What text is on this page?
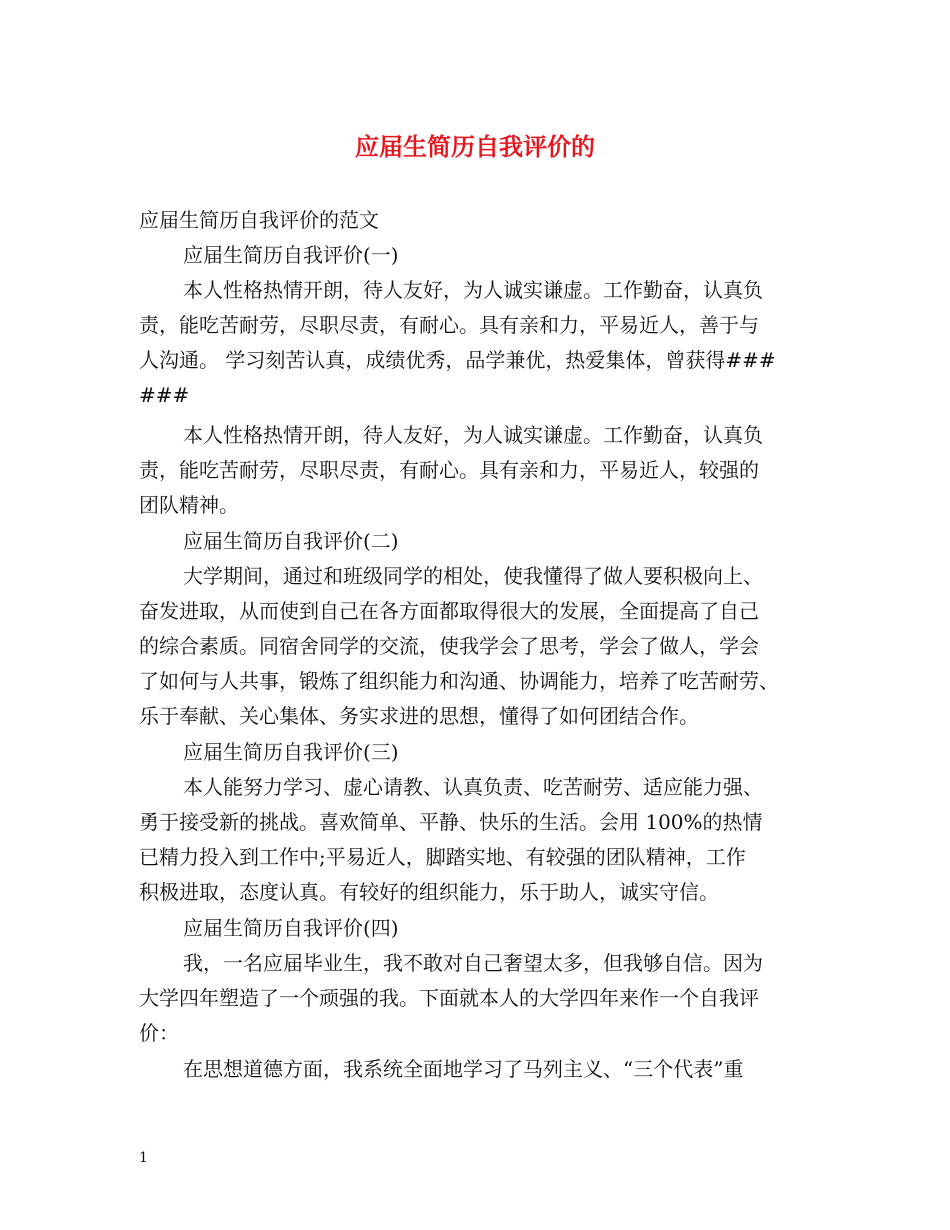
应届生简历自我评价的
应届生简历自我评价的范文
应届生简历自我评价(一)
本人性格热情开朗，待人友好，为人诚实谦虚。工作勤奋，认真负
责，能吃苦耐劳，尽职尽责，有耐心。具有亲和力，平易近人，善于与
人沟通。 学习刻苦认真，成绩优秀，品学兼优，热爱集体，曾获得###
###
本人性格热情开朗，待人友好，为人诚实谦虚。工作勤奋，认真负
责，能吃苦耐劳，尽职尽责，有耐心。具有亲和力，平易近人，较强的
团队精神。
应届生简历自我评价(二)
大学期间，通过和班级同学的相处，使我懂得了做人要积极向上、
奋发进取，从而使到自己在各方面都取得很大的发展，全面提高了自己
的综合素质。同宿舍同学的交流，使我学会了思考，学会了做人，学会
了如何与人共事，锻炼了组织能力和沟通、协调能力，培养了吃苦耐劳、
乐于奉献、关心集体、务实求进的思想，懂得了如何团结合作。
应届生简历自我评价(三)
本人能努力学习、虚心请教、认真负责、吃苦耐劳、适应能力强、
勇于接受新的挑战。喜欢简单、平静、快乐的生活。会用 100%的热情
已精力投入到工作中;平易近人，脚踏实地、有较强的团队精神，工作
积极进取，态度认真。有较好的组织能力，乐于助人，诚实守信。
应届生简历自我评价(四)
我，一名应届毕业生，我不敢对自己奢望太多，但我够自信。因为
大学四年塑造了一个顽强的我。下面就本人的大学四年来作一个自我评
价：
在思想道德方面，我系统全面地学习了马列主义、“三个代表”重
1
